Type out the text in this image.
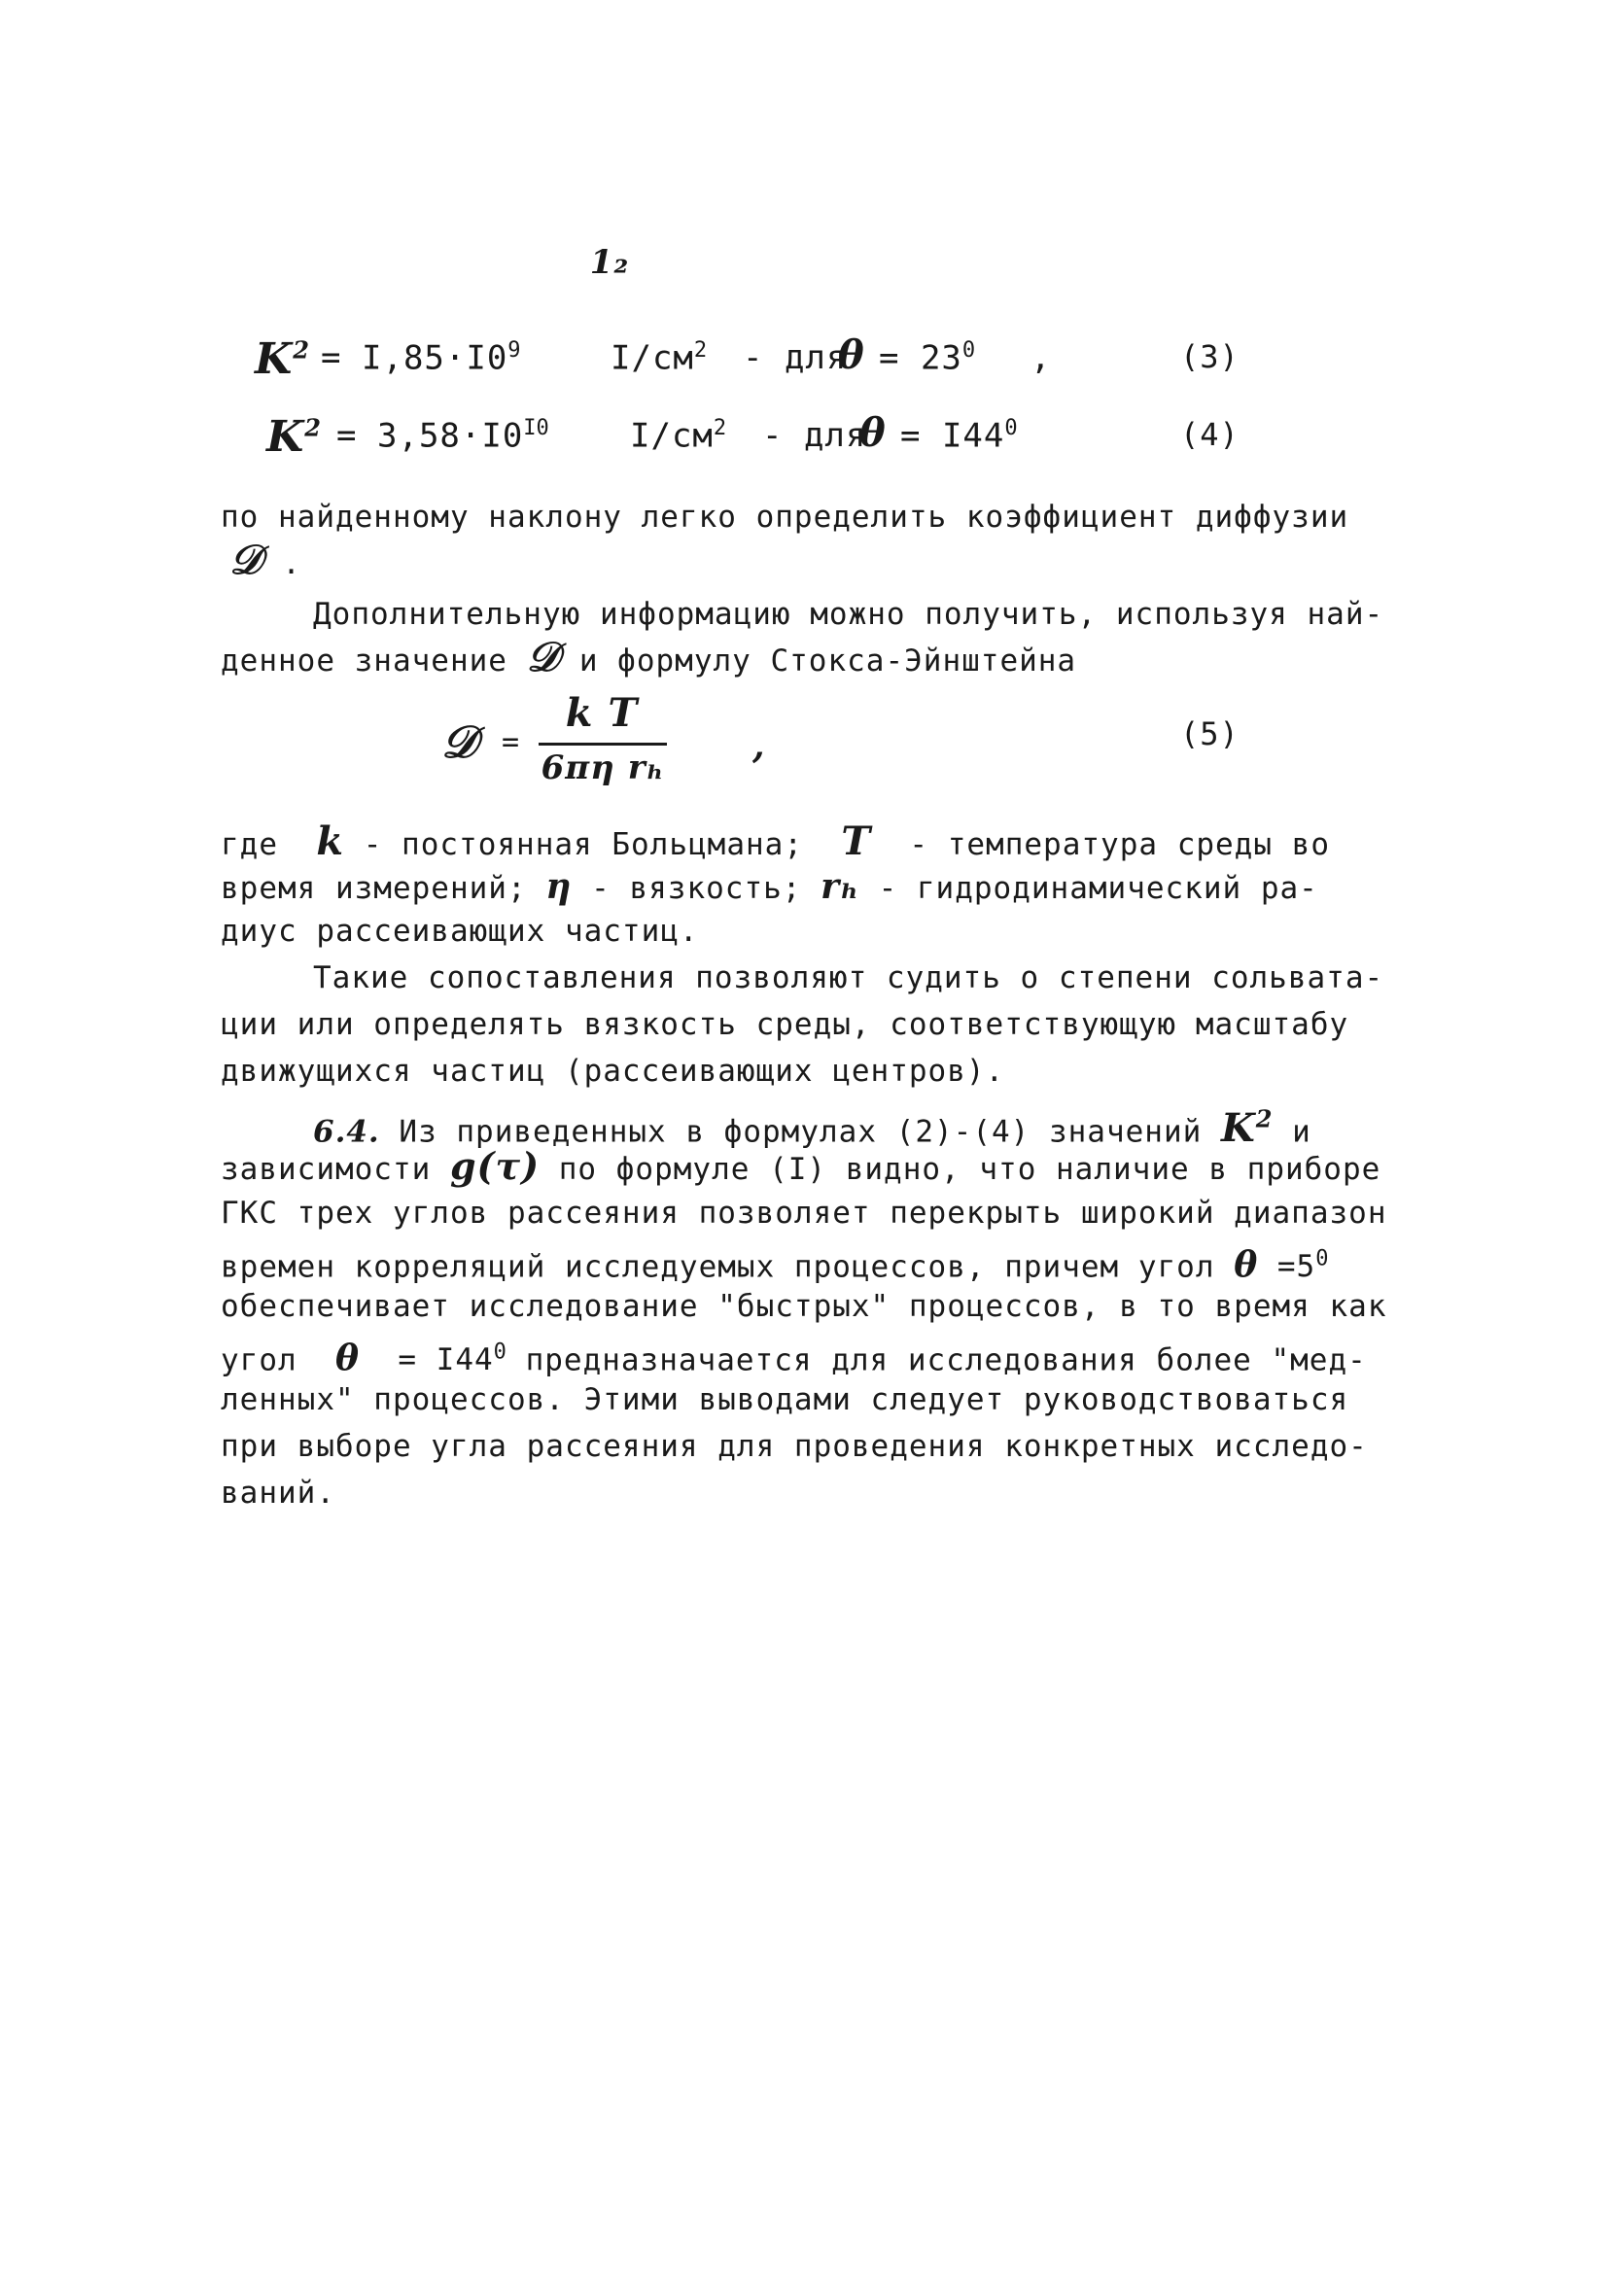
1₂
$K^2 = I,85\cdot I0^9$	$I/см^2$ - для
$\theta = 23^0$ ,	(3)
$K^2 = 3,58\cdot I0^{I0}$ $I/см^2$ - для
$\theta = I44^0$	(4)
по найденному наклону легко определить коэффициент диффузии
𝒟 .
Дополнительную информацию можно получить, используя най-
денное значение 𝒟 и формулу Стокса-Эйнштейна
𝒟 =
k T
6πη rₕ
,	(5)
где k - постоянная Больцмана; T - температура среды во
время измерений; η - вязкость; rₕ - гидродинамический ра-
диус рассеивающих частиц.
Такие сопоставления позволяют судить о степени сольвата-
ции или определять вязкость среды, соответствующую масштабу
движущихся частиц (рассеивающих центров).
6.4. Из приведенных в формулах (2)-(4) значений $K^2$ и
зависимости g(τ) по формуле (I) видно, что наличие в приборе
ГКС трех углов рассеяния позволяет перекрыть широкий диапазон
времен корреляций исследуемых процессов, причем угол $\theta =5^0$
обеспечивает исследование "быстрых" процессов, в то время как
угол $\theta = I44^0$ предназначается для исследования более "мед-
ленных" процессов. Этими выводами следует руководствоваться
при выборе угла рассеяния для проведения конкретных исследо-
ваний.
